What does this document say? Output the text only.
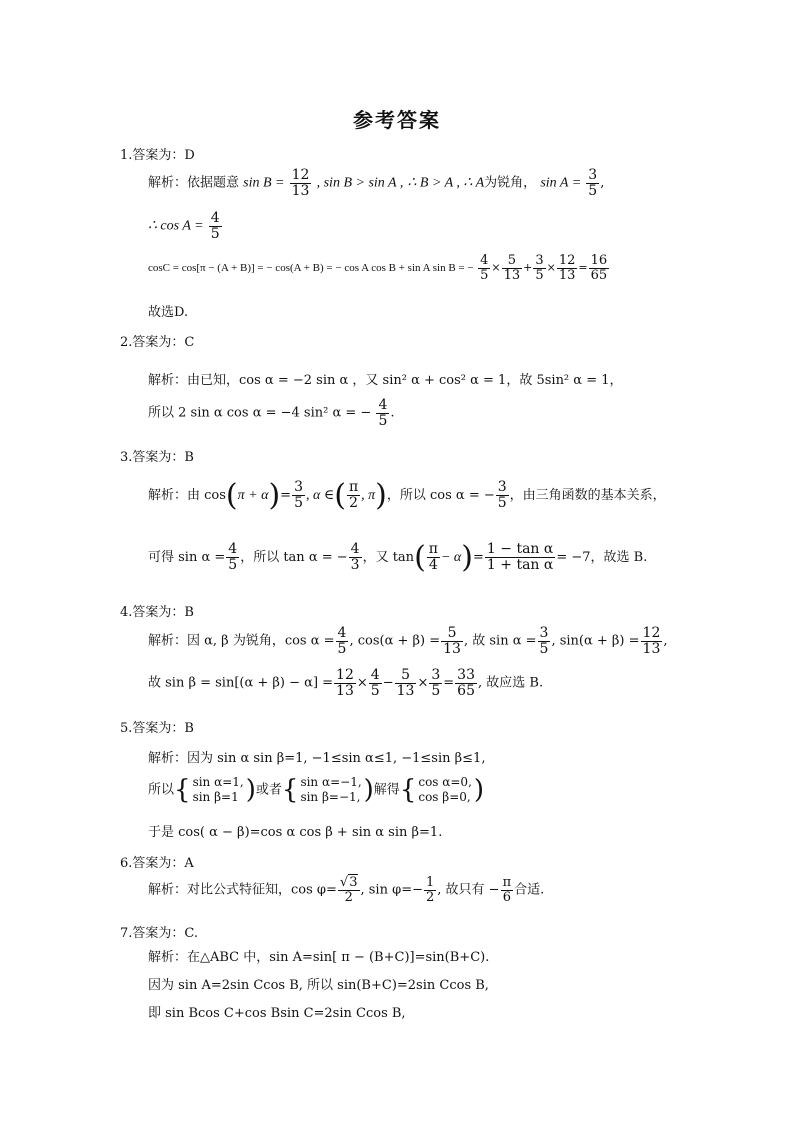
参考答案
1.答案为：D
解析：依据题意 $\sin B = \frac{12}{13}$ , sin B > sin A , ∴ B > A , ∴ A为锐角， $\sin A = \frac{3}{5}$ ,
∴ $\cos A = \frac{4}{5}$
cosC = cos[π − (A + B)] = − cos(A + B) = − cos A cos B + sin A sin B = − $\frac{4}{5} \times \frac{5}{13} + \frac{3}{5} \times \frac{12}{13} = \frac{16}{65}$
故选D.
2.答案为：C
解析：由已知，cos α = −2 sin α ，又 sin² α + cos² α = 1，故 5sin² α = 1，
所以 2 sin α cos α = −4 sin² α = − $\frac{4}{5}$ .
3.答案为：B
解析：由 $\cos(\pi + \alpha)= \frac{3}{5}$ , α ∈( $\frac{\pi}{2}$ , π)，所以 cos α = − $\frac{3}{5}$ ，由三角函数的基本关系，
可得 $\sin \alpha = \frac{4}{5}$ ，所以 tan α = − $\frac{4}{3}$ ，又 $\tan( \frac{\pi}{4} - \alpha)= \frac{\text{1 − tan α}}{\text{1 + tan α}} = -7$，故选 B.
4.答案为：B
解析：因 α, β 为锐角，$\cos \alpha = \frac{4}{5}$ , $\cos(\alpha + \beta) = \frac{5}{13}$ , 故 $\sin \alpha = \frac{3}{5}$ , $\sin(\alpha + \beta) = \frac{12}{13}$ ,
故 $\sin \beta = \sin[(\alpha + \beta) - \alpha] = \frac{12}{13} \times \frac{4}{5} - \frac{5}{13} \times \frac{3}{5} = \frac{33}{65}$ , 故应选 B.
5.答案为：B
解析：因为 sin α sin β=1, −1≤sin α≤1, −1≤sin β≤1,
所以{ sin α=1,
sin β=1 )或者{ sin α=−1,
sin β=−1, )解得{ cos α=0,
cos β=0, )
于是 cos( α − β)=cos α cos β + sin α sin β=1.
6.答案为：A
解析：对比公式特征知，$\cos \varphi= \frac{√3}{2}$ , $\sin \varphi=- \frac{1}{2}$ , 故只有 − $\frac{\pi}{6}$ 合适.
7.答案为：C.
解析：在△ABC 中，sin A=sin[ π − (B+C)]=sin(B+C).
因为 sin A=2sin Ccos B, 所以 sin(B+C)=2sin Ccos B,
即 sin Bcos C+cos Bsin C=2sin Ccos B,
